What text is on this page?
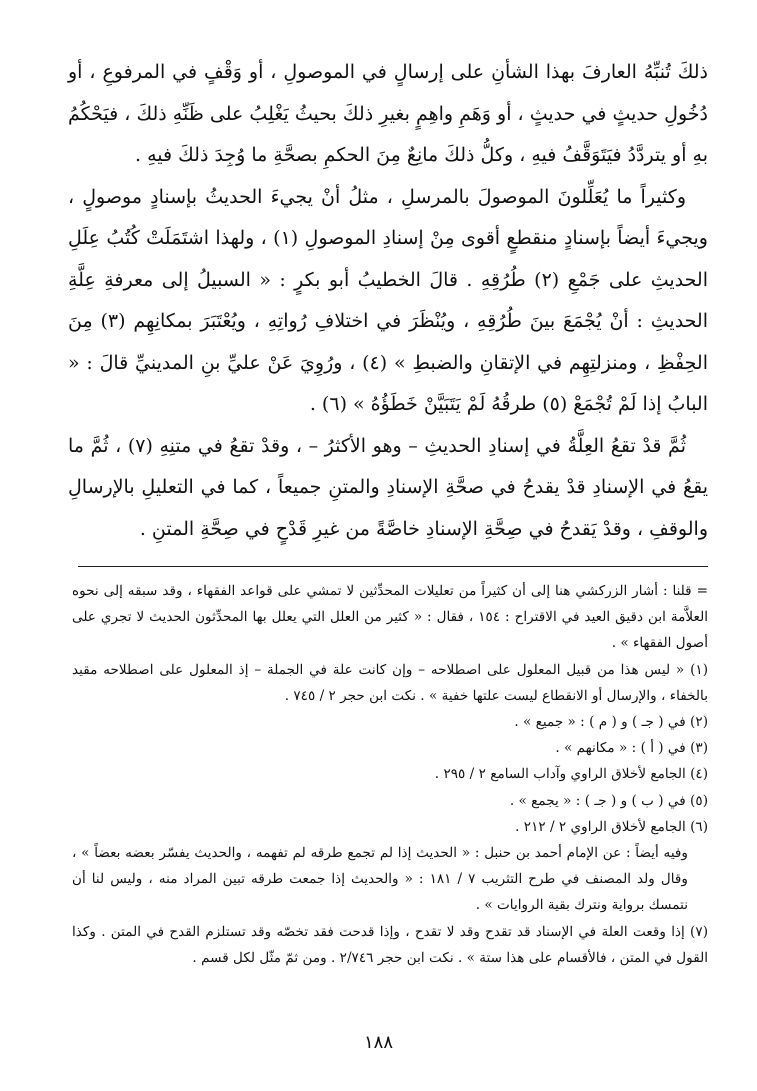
ذلكَ تُنبِّهُ العارفَ بهذا الشأنِ على إرسالٍ في الموصولِ ، أو وَقْفٍ في المرفوعِ ، أو دُخُولِ حديثٍ في حديثٍ ، أو وَهَمِ واهِمٍ بغيرِ ذلكَ بحيثُ يَغْلِبُ على ظَنِّهِ ذلكَ ، فيَحْكُمُ بهِ أو يتردَّدُ فيَتَوَقَّفُ فيهِ ، وكلُّ ذلكَ مانِعٌ مِنَ الحكمِ بصحَّةِ ما وُجِدَ ذلكَ فيهِ .

وكثيراً ما يُعَلِّلونَ الموصولَ بالمرسلِ ، مثلُ أنْ يجيءَ الحديثُ بإسنادٍ موصولٍ ، ويجيءَ أيضاً بإسنادٍ منقطعٍ أقوى مِنْ إسنادِ الموصولِ (١) ، ولهذا اشتَمَلَتْ كُتُبُ عِلَلِ الحديثِ على جَمْعِ (٢) طُرُقِهِ . قالَ الخطيبُ أبو بكرٍ : « السبيلُ إلى معرفةِ عِلَّةِ الحديثِ : أنْ يُجْمَعَ بينَ طُرُقِهِ ، ويُنْظَرَ في اختلافِ رُواتِهِ ، ويُعْتَبَرَ بمكانِهِم (٣) مِنَ الحِفْظِ ، ومنزلتِهِم في الإتقانِ والضبطِ » (٤) ، ورُوِيَ عَنْ عليِّ بنِ المدينيِّ قالَ : « البابُ إذا لَمْ تُجْمَعْ (٥) طرقُهُ لَمْ يَتَبَيَّنْ خَطَؤُهُ » (٦) .

ثُمَّ قدْ تقعُ العِلَّةُ في إسنادِ الحديثِ – وهو الأكثرُ – ، وقدْ تقعُ في متنِهِ (٧) ، ثُمَّ ما يقعُ في الإسنادِ قدْ يقدحُ في صحَّةِ الإسنادِ والمتنِ جميعاً ، كما في التعليلِ بالإرسالِ والوقفِ ، وقدْ يَقدحُ في صِحَّةِ الإسنادِ خاصَّةً من غيرِ قَدْحٍ في صِحَّةِ المتنِ .

= قلنا : أشار الزركشي هنا إلى أن كثيراً من تعليلات المحدِّثين لا تمشي على قواعد الفقهاء ، وقد سبقه إلى نحوه العلاَّمة ابن دقيق العيد في الاقتراح : ١٥٤ ، فقال : « كثير من العلل التي يعلل بها المحدِّثون الحديث لا تجري على أصول الفقهاء » .

(١) « ليس هذا من قبيل المعلول على اصطلاحه – وإن كانت علة في الجملة – إذ المعلول على اصطلاحه مقيد بالخفاء ، والإرسال أو الانقطاع ليست علتها خفية » . نكت ابن حجر ٢ / ٧٤٥ .

(٢) في ( جـ ) و ( م ) : « جميع » .

(٣) في ( أ ) : « مكانهم » .

(٤) الجامع لأخلاق الراوي وآداب السامع ٢ / ٢٩٥ .

(٥) في ( ب ) و ( جـ ) : « يجمع » .

(٦) الجامع لأخلاق الراوي ٢ / ٢١٢ .

وفيه أيضاً : عن الإمام أحمد بن حنبل : « الحديث إذا لم تجمع طرقه لم تفهمه ، والحديث يفسّر بعضه بعضاً » ، وقال ولد المصنف في طرح التثريب ٧ / ١٨١ : « والحديث إذا جمعت طرقه تبين المراد منه ، وليس لنا أن نتمسك برواية ونترك بقية الروايات » .

(٧) إذا وقعت العلة في الإسناد قد تقدح وقد لا تقدح ، وإذا قدحت فقد تخصّه وقد تستلزم القدح في المتن . وكذا القول في المتن ، فالأقسام على هذا ستة » . نكت ابن حجر ٢/٧٤٦ . ومن ثمّ مثّل لكل قسم .

١٨٨
